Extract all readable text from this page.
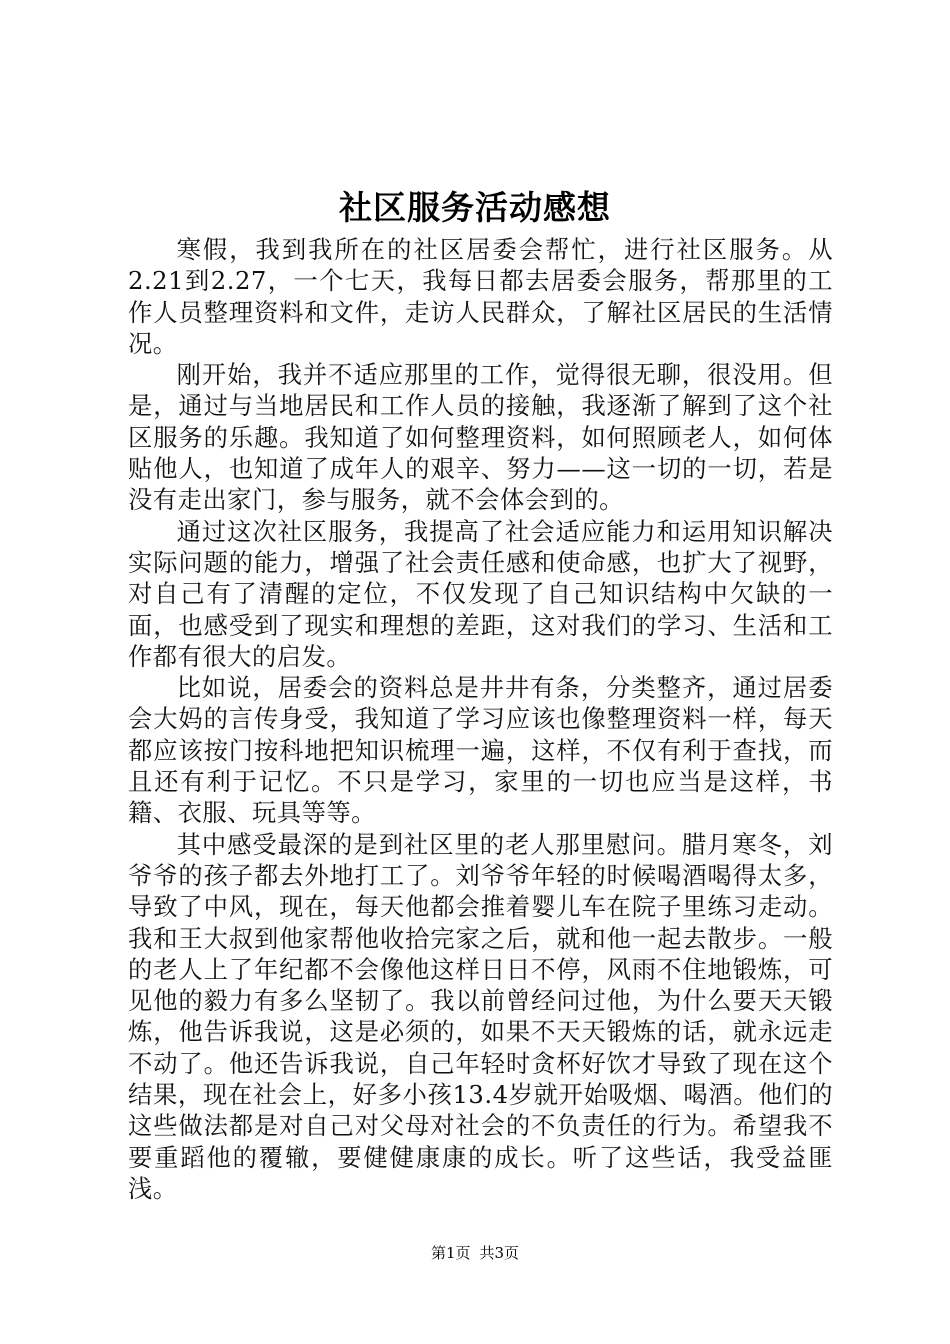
社区服务活动感想

寒假，我到我所在的社区居委会帮忙，进行社区服务。从2.21到2.27，一个七天，我每日都去居委会服务，帮那里的工作人员整理资料和文件，走访人民群众，了解社区居民的生活情况。

刚开始，我并不适应那里的工作，觉得很无聊，很没用。但是，通过与当地居民和工作人员的接触，我逐渐了解到了这个社区服务的乐趣。我知道了如何整理资料，如何照顾老人，如何体贴他人，也知道了成年人的艰辛、努力——这一切的一切，若是没有走出家门，参与服务，就不会体会到的。

通过这次社区服务，我提高了社会适应能力和运用知识解决实际问题的能力，增强了社会责任感和使命感，也扩大了视野，对自己有了清醒的定位，不仅发现了自己知识结构中欠缺的一面，也感受到了现实和理想的差距，这对我们的学习、生活和工作都有很大的启发。

比如说，居委会的资料总是井井有条，分类整齐，通过居委会大妈的言传身受，我知道了学习应该也像整理资料一样，每天都应该按门按科地把知识梳理一遍，这样，不仅有利于查找，而且还有利于记忆。不只是学习，家里的一切也应当是这样，书籍、衣服、玩具等等。

其中感受最深的是到社区里的老人那里慰问。腊月寒冬，刘爷爷的孩子都去外地打工了。刘爷爷年轻的时候喝酒喝得太多，导致了中风，现在，每天他都会推着婴儿车在院子里练习走动。我和王大叔到他家帮他收拾完家之后，就和他一起去散步。一般的老人上了年纪都不会像他这样日日不停，风雨不住地锻炼，可见他的毅力有多么坚韧了。我以前曾经问过他，为什么要天天锻炼，他告诉我说，这是必须的，如果不天天锻炼的话，就永远走不动了。他还告诉我说，自己年轻时贪杯好饮才导致了现在这个结果，现在社会上，好多小孩13.4岁就开始吸烟、喝酒。他们的这些做法都是对自己对父母对社会的不负责任的行为。希望我不要重蹈他的覆辙，要健健康康的成长。听了这些话，我受益匪浅。

第1页 共3页
